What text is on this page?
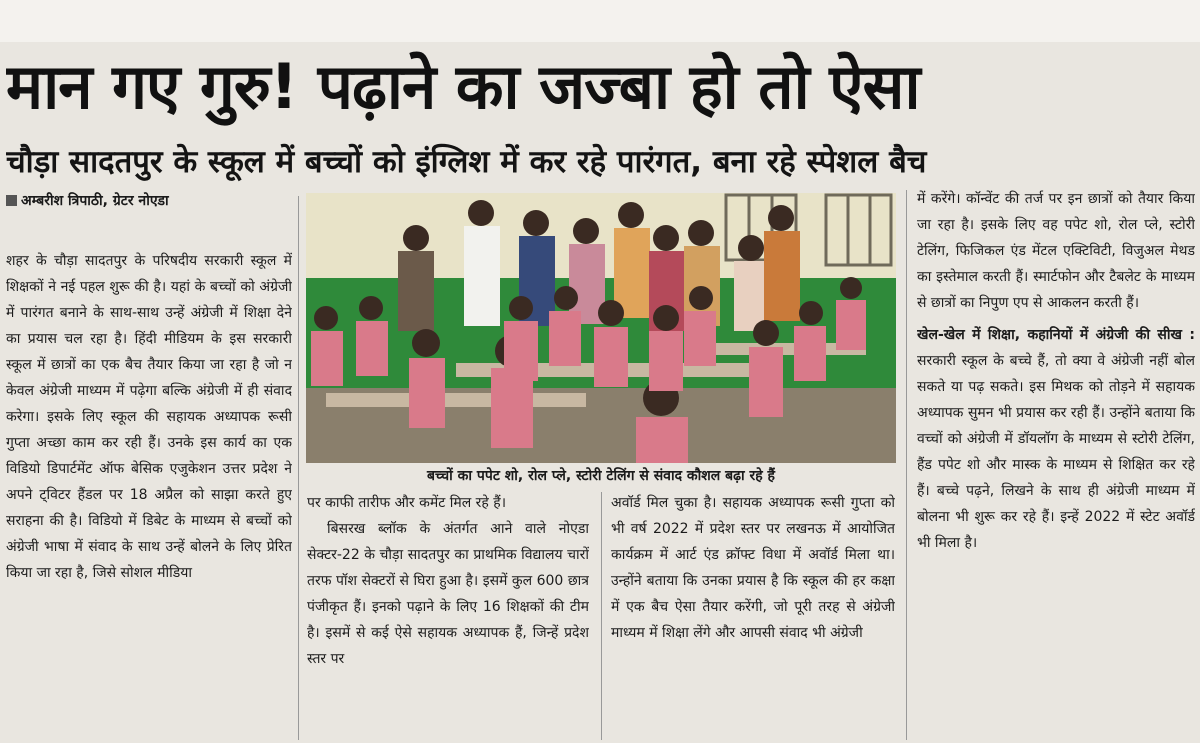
मान गए गुरु! पढ़ाने का जज्बा हो तो ऐसा
चौड़ा सादतपुर के स्कूल में बच्चों को इंग्लिश में कर रहे पारंगत, बना रहे स्पेशल बैच
अम्बरीश त्रिपाठी, ग्रेटर नोएडा

शहर के चौड़ा सादतपुर के परिषदीय सरकारी स्कूल में शिक्षकों ने नई पहल शुरू की है। यहां के बच्चों को अंग्रेजी में पारंगत बनाने के साथ-साथ उन्हें अंग्रेजी में शिक्षा देने का प्रयास चल रहा है। हिंदी मीडियम के इस सरकारी स्कूल में छात्रों का एक बैच तैयार किया जा रहा है जो न केवल अंग्रेजी माध्यम में पढ़ेगा बल्कि अंग्रेजी में ही संवाद करेगा। इसके लिए स्कूल की सहायक अध्यापक रूसी गुप्ता अच्छा काम कर रही हैं। उनके इस कार्य का एक विडियो डिपार्टमेंट ऑफ बेसिक एजुकेशन उत्तर प्रदेश ने अपने ट्विटर हैंडल पर 18 अप्रैल को साझा करते हुए सराहना की है। विडियो में डिबेट के माध्यम से बच्चों को अंग्रेजी भाषा में संवाद के साथ उन्हें बोलने के लिए प्रेरित किया जा रहा है, जिसे सोशल मीडिया

बच्चों का पपेट शो, रोल प्ले, स्टोरी टेलिंग से संवाद कौशल बढ़ा रहे हैं

पर काफी तारीफ और कमेंट मिल रहे हैं।

बिसरख ब्लॉक के अंतर्गत आने वाले नोएडा सेक्टर-22 के चौड़ा सादतपुर का प्राथमिक विद्यालय चारों तरफ पॉश सेक्टरों से घिरा हुआ है। इसमें कुल 600 छात्र पंजीकृत हैं। इनको पढ़ाने के लिए 16 शिक्षकों की टीम है। इसमें से कई ऐसे सहायक अध्यापक हैं, जिन्हें प्रदेश स्तर पर

अवॉर्ड मिल चुका है। सहायक अध्यापक रूसी गुप्ता को भी वर्ष 2022 में प्रदेश स्तर पर लखनऊ में आयोजित कार्यक्रम में आर्ट एंड क्रॉफ्ट विधा में अवॉर्ड मिला था। उन्होंने बताया कि उनका प्रयास है कि स्कूल की हर कक्षा में एक बैच ऐसा तैयार करेंगी, जो पूरी तरह से अंग्रेजी माध्यम में शिक्षा लेंगे और आपसी संवाद भी अंग्रेजी

में करेंगे। कॉन्वेंट की तर्ज पर इन छात्रों को तैयार किया जा रहा है। इसके लिए वह पपेट शो, रोल प्ले, स्टोरी टेलिंग, फिजिकल एंड मेंटल एक्टिविटी, विजुअल मेथड का इस्तेमाल करती हैं। स्मार्टफोन और टैबलेट के माध्यम से छात्रों का निपुण एप से आकलन करती हैं।

खेल-खेल में शिक्षा, कहानियों में अंग्रेजी की सीख : सरकारी स्कूल के बच्चे हैं, तो क्या वे अंग्रेजी नहीं बोल सकते या पढ़ सकते। इस मिथक को तोड़ने में सहायक अध्यापक सुमन भी प्रयास कर रही हैं। उन्होंने बताया कि वच्चों को अंग्रेजी में डॉयलॉग के माध्यम से स्टोरी टेलिंग, हैंड पपेट शो और मास्क के माध्यम से शिक्षित कर रहे हैं। बच्चे पढ़ने, लिखने के साथ ही अंग्रेजी माध्यम में बोलना भी शुरू कर रहे हैं। इन्हें 2022 में स्टेट अवॉर्ड भी मिला है।
